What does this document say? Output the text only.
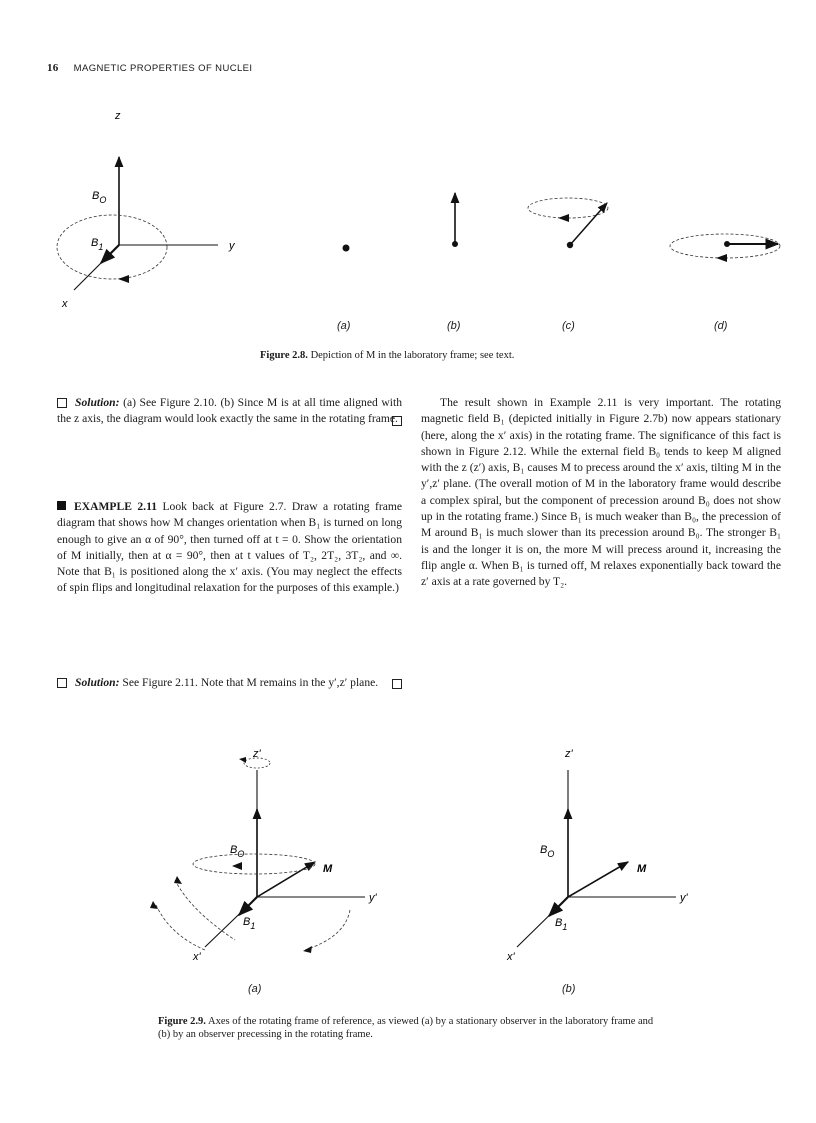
16 MAGNETIC PROPERTIES OF NUCLEI
z
y
x
$B_O$
$B_1$
(a)	(b)	(c)	(d)
Figure 2.8. Depiction of M in the laboratory frame; see text.
Solution: (a) See Figure 2.10. (b) Since M is at all time aligned with the z axis, the diagram would look exactly the same in the rotating frame.
EXAMPLE 2.11 Look back at Figure 2.7. Draw a rotating frame diagram that shows how M changes orientation when B₁ is turned on long enough to give an α of 90°, then turned off at t = 0. Show the orientation of M initially, then at α = 90°, then at t values of T₂, 2T₂, 3T₂, and ∞. Note that B₁ is positioned along the x′ axis. (You may neglect the effects of spin flips and longitudinal relaxation for the purposes of this example.)
Solution: See Figure 2.11. Note that M remains in the y′,z′ plane.
The result shown in Example 2.11 is very important. The rotating magnetic field B₁ (depicted initially in Figure 2.7b) now appears stationary (here, along the x′ axis) in the rotating frame. The significance of this fact is shown in Figure 2.12. While the external field B₀ tends to keep M aligned with the z (z′) axis, B₁ causes M to precess around the x′ axis, tilting M in the y′,z′ plane. (The overall motion of M in the laboratory frame would describe a complex spiral, but the component of precession around B₀ does not show up in the rotating frame.) Since B₁ is much weaker than B₀, the precession of M around B₁ is much slower than its precession around B₀. The stronger B₁ is and the longer it is on, the more M will precess around it, increasing the flip angle α. When B₁ is turned off, M relaxes exponentially back toward the z′ axis at a rate governed by T₂.
z'
y'
x'
$B_O$
$B_1$
M
z'
y'
x'
$B_O$
$B_1$
M
(a)	(b)
Figure 2.9. Axes of the rotating frame of reference, as viewed (a) by a stationary observer in the laboratory frame and (b) by an observer precessing in the rotating frame.
